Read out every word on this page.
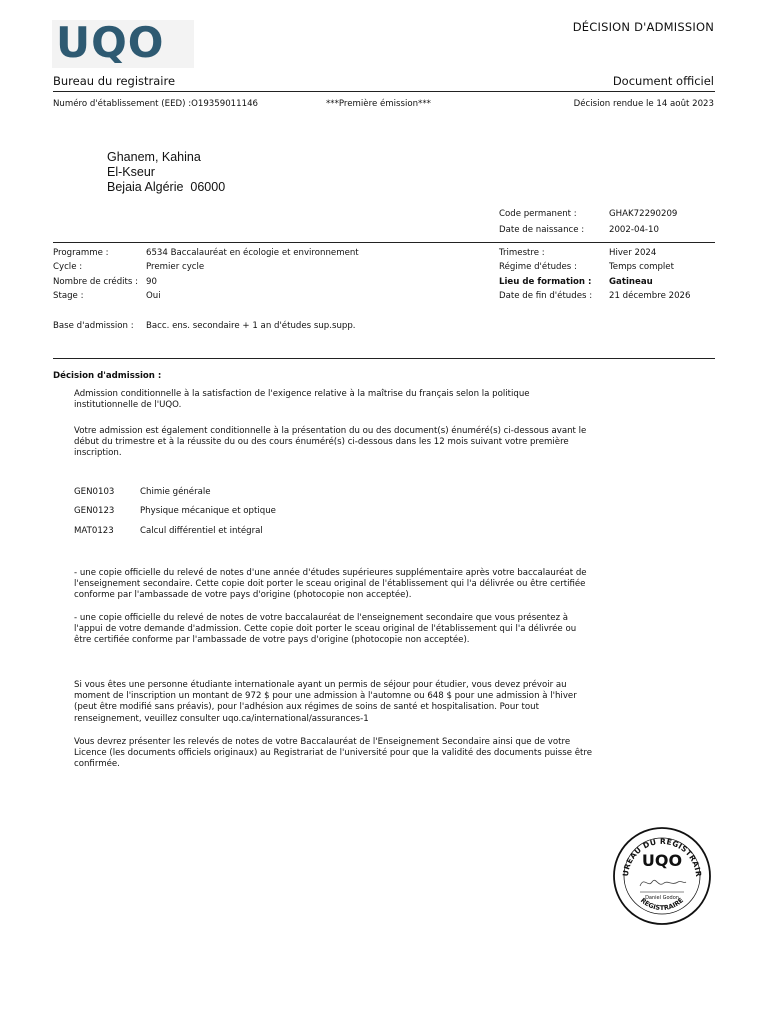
UQO	DÉCISION D'ADMISSION
Bureau du registraire	Document officiel
Numéro d'établissement (EED) :O19359011146	***Première émission***	Décision rendue le 14 août 2023
Ghanem, Kahina
El-Kseur
Bejaia Algérie  06000
Code permanent :	GHAK72290209
Date de naissance :	2002-04-10
Programme :	6534 Baccalauréat en écologie et environnement
Cycle :	Premier cycle
Nombre de crédits : 90
Stage :	Oui
Trimestre :	Hiver 2024
Régime d'études :	Temps complet
Lieu de formation : Gatineau
Date de fin d'études : 21 décembre 2026
Base d'admission : Bacc. ens. secondaire + 1 an d'études sup.supp.
Décision d'admission :
Admission conditionnelle à la satisfaction de l'exigence relative à la maîtrise du français selon la politique institutionnelle de l'UQO.
Votre admission est également conditionnelle à la présentation du ou des document(s) énuméré(s) ci-dessous avant le début du trimestre et à la réussite du ou des cours énuméré(s) ci-dessous dans les 12 mois suivant votre première inscription.
GEN0103	Chimie générale
GEN0123	Physique mécanique et optique
MAT0123	Calcul différentiel et intégral
- une copie officielle du relevé de notes d'une année d'études supérieures supplémentaire après votre baccalauréat de l'enseignement secondaire. Cette copie doit porter le sceau original de l'établissement qui l'a délivrée ou être certifiée conforme par l'ambassade de votre pays d'origine (photocopie non acceptée).
- une copie officielle du relevé de notes de votre baccalauréat de l'enseignement secondaire que vous présentez à l'appui de votre demande d'admission. Cette copie doit porter le sceau original de l'établissement qui l'a délivrée ou être certifiée conforme par l'ambassade de votre pays d'origine (photocopie non acceptée).
Si vous êtes une personne étudiante internationale ayant un permis de séjour pour étudier, vous devez prévoir au moment de l'inscription un montant de 972 $ pour une admission à l'automne ou 648 $ pour une admission à l'hiver (peut être modifié sans préavis), pour l'adhésion aux régimes de soins de santé et hospitalisation. Pour tout renseignement, veuillez consulter uqo.ca/international/assurances-1
Vous devrez présenter les relevés de notes de votre Baccalauréat de l'Enseignement Secondaire ainsi que de votre Licence (les documents officiels originaux) au Registrariat de l'université pour que la validité des documents puisse être confirmée.
UREAU DU REGISTRAIR
UQO
Daniel Godon
REGISTRAIRE
